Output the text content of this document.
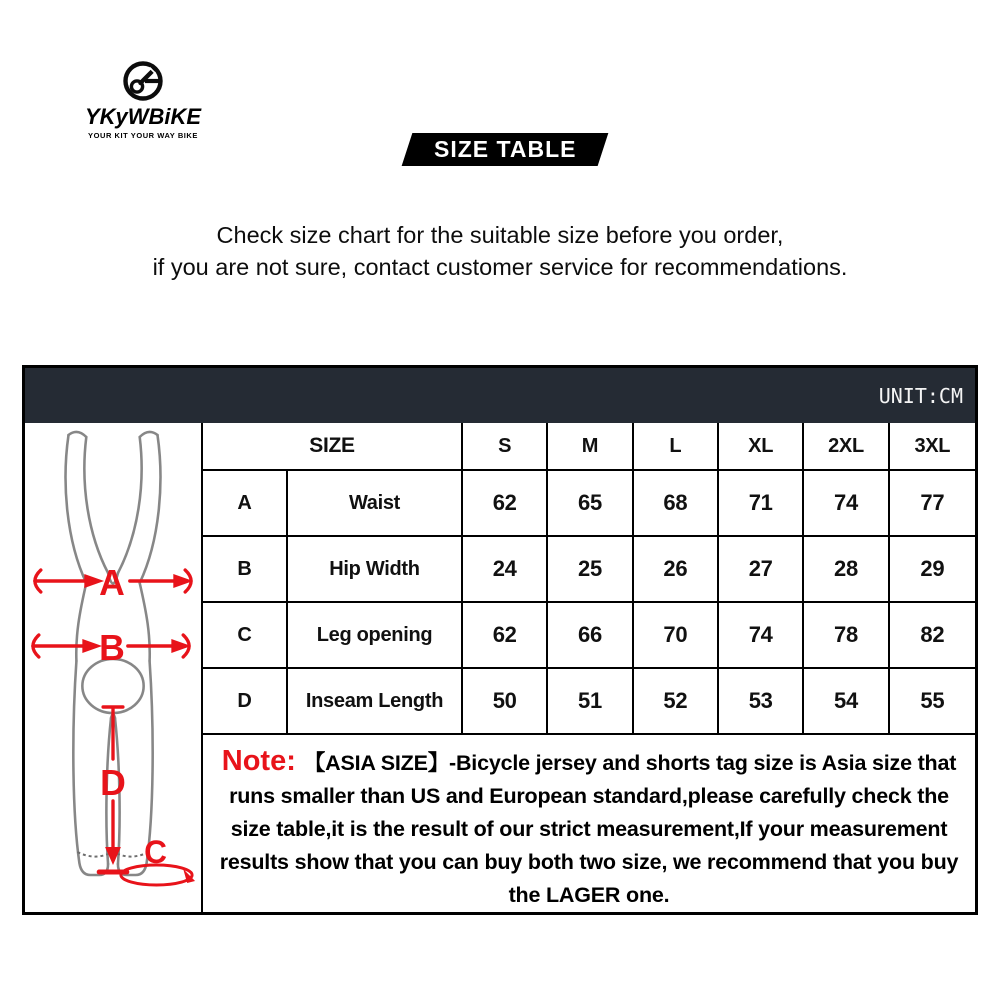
YKyWBiKE
YOUR KIT YOUR WAY BIKE
SIZE TABLE
Check size chart for the suitable size before you order,
if you are not sure, contact customer service for recommendations.
UNIT:CM
A
B
D
C
SIZE	S	M	L	XL	2XL	3XL
A	Waist	62	65	68	71	74	77
B	Hip Width	24	25	26	27	28	29
C	Leg opening	62	66	70	74	78	82
D	Inseam Length	50	51	52	53	54	55
Note: 【ASIA SIZE】-Bicycle jersey and shorts tag size is Asia size that runs smaller than US and European standard,please carefully check the size table,it is the result of our strict measurement,If your measurement results show that you can buy both two size, we recommend that you buy the LAGER one.
